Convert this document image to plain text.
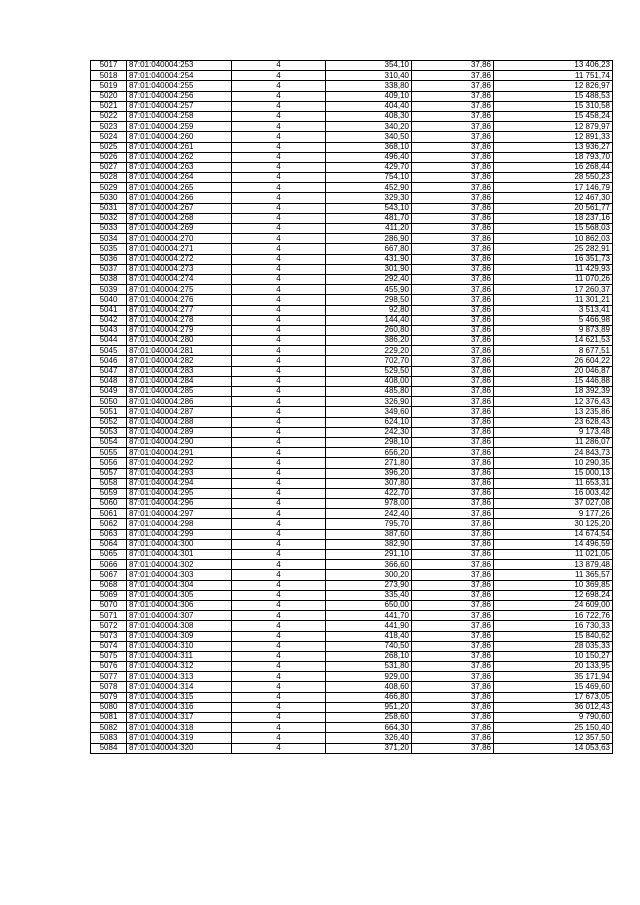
5017	87:01:040004:253	4	354,10	37,86	13 406,23
5018	87:01:040004:254	4	310,40	37,86	11 751,74
5019	87:01:040004:255	4	338,80	37,86	12 826,97
5020	87:01:040004:256	4	409,10	37,86	15 488,53
5021	87:01:040004:257	4	404,40	37,86	15 310,58
5022	87:01:040004:258	4	408,30	37,86	15 458,24
5023	87:01:040004:259	4	340,20	37,86	12 879,97
5024	87:01:040004:260	4	340,50	37,86	12 891,33
5025	87:01:040004:261	4	368,10	37,86	13 936,27
5026	87:01:040004:262	4	496,40	37,86	18 793,70
5027	87:01:040004:263	4	429,70	37,86	16 268,44
5028	87:01:040004:264	4	754,10	37,86	28 550,23
5029	87:01:040004:265	4	452,90	37,86	17 146,79
5030	87:01:040004:266	4	329,30	37,86	12 467,30
5031	87:01:040004:267	4	543,10	37,86	20 561,77
5032	87:01:040004:268	4	481,70	37,86	18 237,16
5033	87:01:040004:269	4	411,20	37,86	15 568,03
5034	87:01:040004:270	4	286,90	37,86	10 862,03
5035	87:01:040004:271	4	667,80	37,86	25 282,91
5036	87:01:040004:272	4	431,90	37,86	16 351,73
5037	87:01:040004:273	4	301,90	37,86	11 429,93
5038	87:01:040004:274	4	292,40	37,86	11 070,26
5039	87:01:040004:275	4	455,90	37,86	17 260,37
5040	87:01:040004:276	4	298,50	37,86	11 301,21
5041	87:01:040004:277	4	92,80	37,86	3 513,41
5042	87:01:040004:278	4	144,40	37,86	5 466,98
5043	87:01:040004:279	4	260,80	37,86	9 873,89
5044	87:01:040004:280	4	386,20	37,86	14 621,53
5045	87:01:040004:281	4	229,20	37,86	8 677,51
5046	87:01:040004:282	4	702,70	37,86	26 604,22
5047	87:01:040004:283	4	529,50	37,86	20 046,87
5048	87:01:040004:284	4	408,00	37,86	15 446,88
5049	87:01:040004:285	4	485,80	37,86	18 392,39
5050	87:01:040004:286	4	326,90	37,86	12 376,43
5051	87:01:040004:287	4	349,60	37,86	13 235,86
5052	87:01:040004:288	4	624,10	37,86	23 628,43
5053	87:01:040004:289	4	242,30	37,86	9 173,48
5054	87:01:040004:290	4	298,10	37,86	11 286,07
5055	87:01:040004:291	4	656,20	37,86	24 843,73
5056	87:01:040004:292	4	271,80	37,86	10 290,35
5057	87:01:040004:293	4	396,20	37,86	15 000,13
5058	87:01:040004:294	4	307,80	37,86	11 653,31
5059	87:01:040004:295	4	422,70	37,86	16 003,42
5060	87:01:040004:296	4	978,00	37,86	37 027,08
5061	87:01:040004:297	4	242,40	37,86	9 177,26
5062	87:01:040004:298	4	795,70	37,86	30 125,20
5063	87:01:040004:299	4	387,60	37,86	14 674,54
5064	87:01:040004:300	4	382,90	37,86	14 496,59
5065	87:01:040004:301	4	291,10	37,86	11 021,05
5066	87:01:040004:302	4	366,60	37,86	13 879,48
5067	87:01:040004:303	4	300,20	37,86	11 365,57
5068	87:01:040004:304	4	273,90	37,86	10 369,85
5069	87:01:040004:305	4	335,40	37,86	12 698,24
5070	87:01:040004:306	4	650,00	37,86	24 609,00
5071	87:01:040004:307	4	441,70	37,86	16 722,76
5072	87:01:040004:308	4	441,90	37,86	16 730,33
5073	87:01:040004:309	4	418,40	37,86	15 840,62
5074	87:01:040004:310	4	740,50	37,86	28 035,33
5075	87:01:040004:311	4	268,10	37,86	10 150,27
5076	87:01:040004:312	4	531,80	37,86	20 133,95
5077	87:01:040004:313	4	929,00	37,86	35 171,94
5078	87:01:040004:314	4	408,60	37,86	15 469,60
5079	87:01:040004:315	4	466,80	37,86	17 673,05
5080	87:01:040004:316	4	951,20	37,86	36 012,43
5081	87:01:040004:317	4	258,60	37,86	9 790,60
5082	87:01:040004:318	4	664,30	37,86	25 150,40
5083	87:01:040004:319	4	326,40	37,86	12 357,50
5084	87:01:040004:320	4	371,20	37,86	14 053,63
